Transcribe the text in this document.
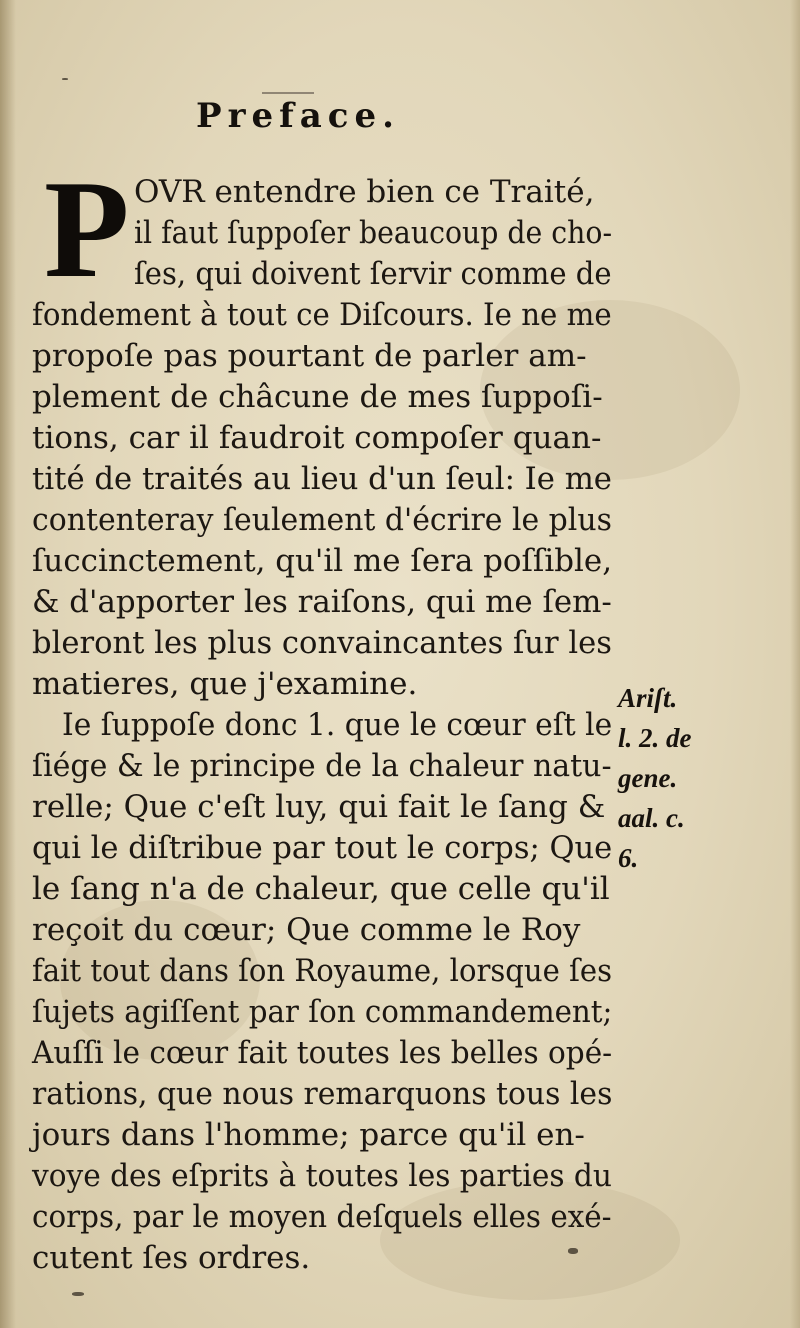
Preface.
P OVR entendre bien ce Traité,
il faut ſuppoſer beaucoup de cho-
ſes, qui doivent ſervir comme de
fondement à tout ce Diſcours. Ie ne me
propoſe pas pourtant de parler am-
plement de châcune de mes ſuppoſi-
tions, car il faudroit compoſer quan-
tité de traités au lieu d'un ſeul: Ie me
contenteray ſeulement d'écrire le plus
ſuccinctement, qu'il me ſera poſſible,
& d'apporter les raiſons, qui me ſem-
bleront les plus convaincantes ſur les
matieres, que j'examine.
Ie ſuppoſe donc 1. que le cœur eſt le
ſiége & le principe de la chaleur natu-
relle; Que c'eſt luy, qui fait le ſang &
qui le diſtribue par tout le corps; Que
le ſang n'a de chaleur, que celle qu'il
reçoit du cœur; Que comme le Roy
fait tout dans ſon Royaume, lorsque ſes
ſujets agiſſent par ſon commandement;
Auſſi le cœur fait toutes les belles opé-
rations, que nous remarquons tous les
jours dans l'homme; parce qu'il en-
voye des eſprits à toutes les parties du
corps, par le moyen deſquels elles exé-
cutent ſes ordres.
Ariſt.
l. 2. de
gene.
aal. c.
6.
